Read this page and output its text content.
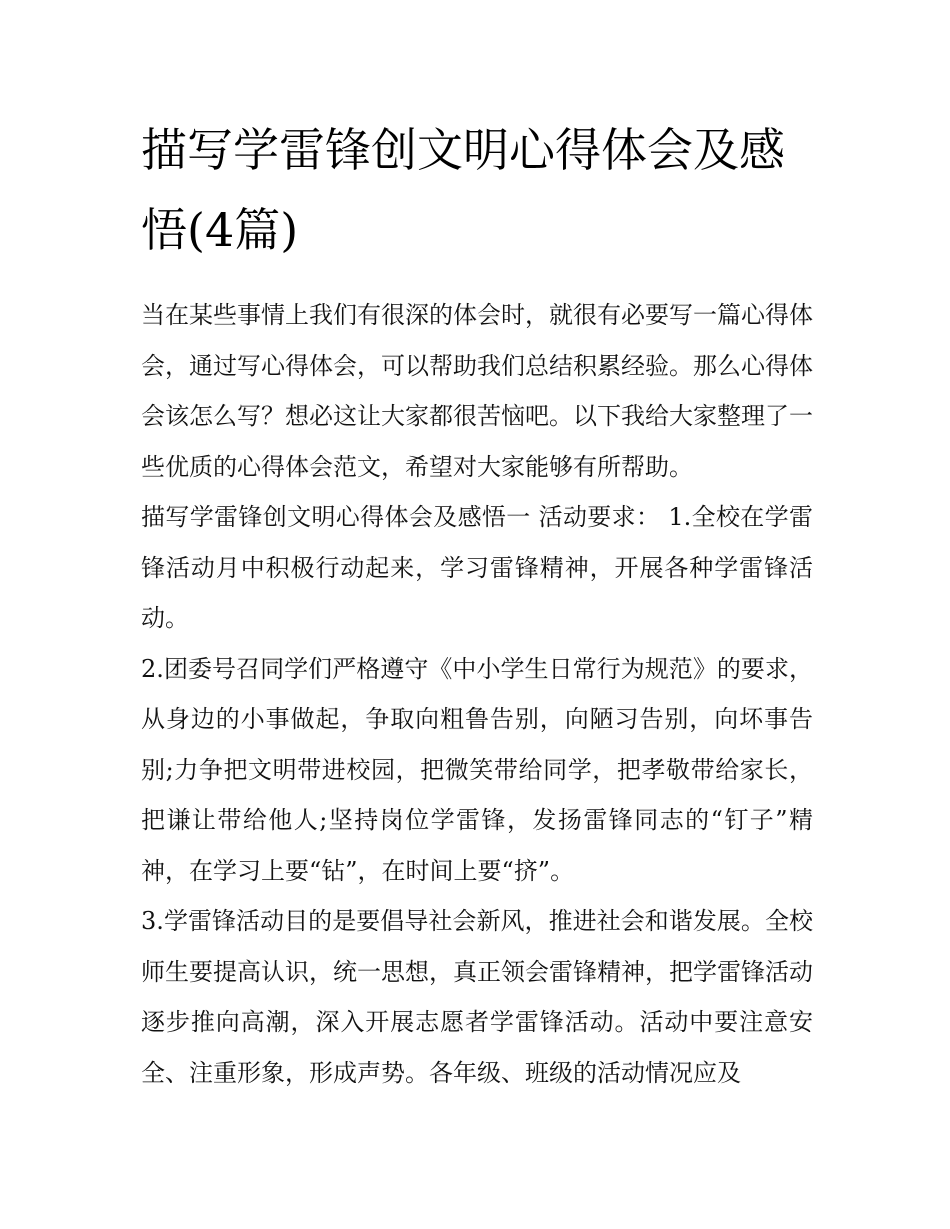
描写学雷锋创文明心得体会及感悟(4篇)

当在某些事情上我们有很深的体会时，就很有必要写一篇心得体会，通过写心得体会，可以帮助我们总结积累经验。那么心得体会该怎么写？想必这让大家都很苦恼吧。以下我给大家整理了一些优质的心得体会范文，希望对大家能够有所帮助。

描写学雷锋创文明心得体会及感悟一 活动要求： 1.全校在学雷锋活动月中积极行动起来，学习雷锋精神，开展各种学雷锋活动。

2.团委号召同学们严格遵守《中小学生日常行为规范》的要求，从身边的小事做起，争取向粗鲁告别，向陋习告别，向坏事告别;力争把文明带进校园，把微笑带给同学，把孝敬带给家长，把谦让带给他人;坚持岗位学雷锋，发扬雷锋同志的“钉子”精神，在学习上要“钻”，在时间上要“挤”。

3.学雷锋活动目的是要倡导社会新风，推进社会和谐发展。全校师生要提高认识，统一思想，真正领会雷锋精神，把学雷锋活动逐步推向高潮，深入开展志愿者学雷锋活动。活动中要注意安全、注重形象，形成声势。各年级、班级的活动情况应及
